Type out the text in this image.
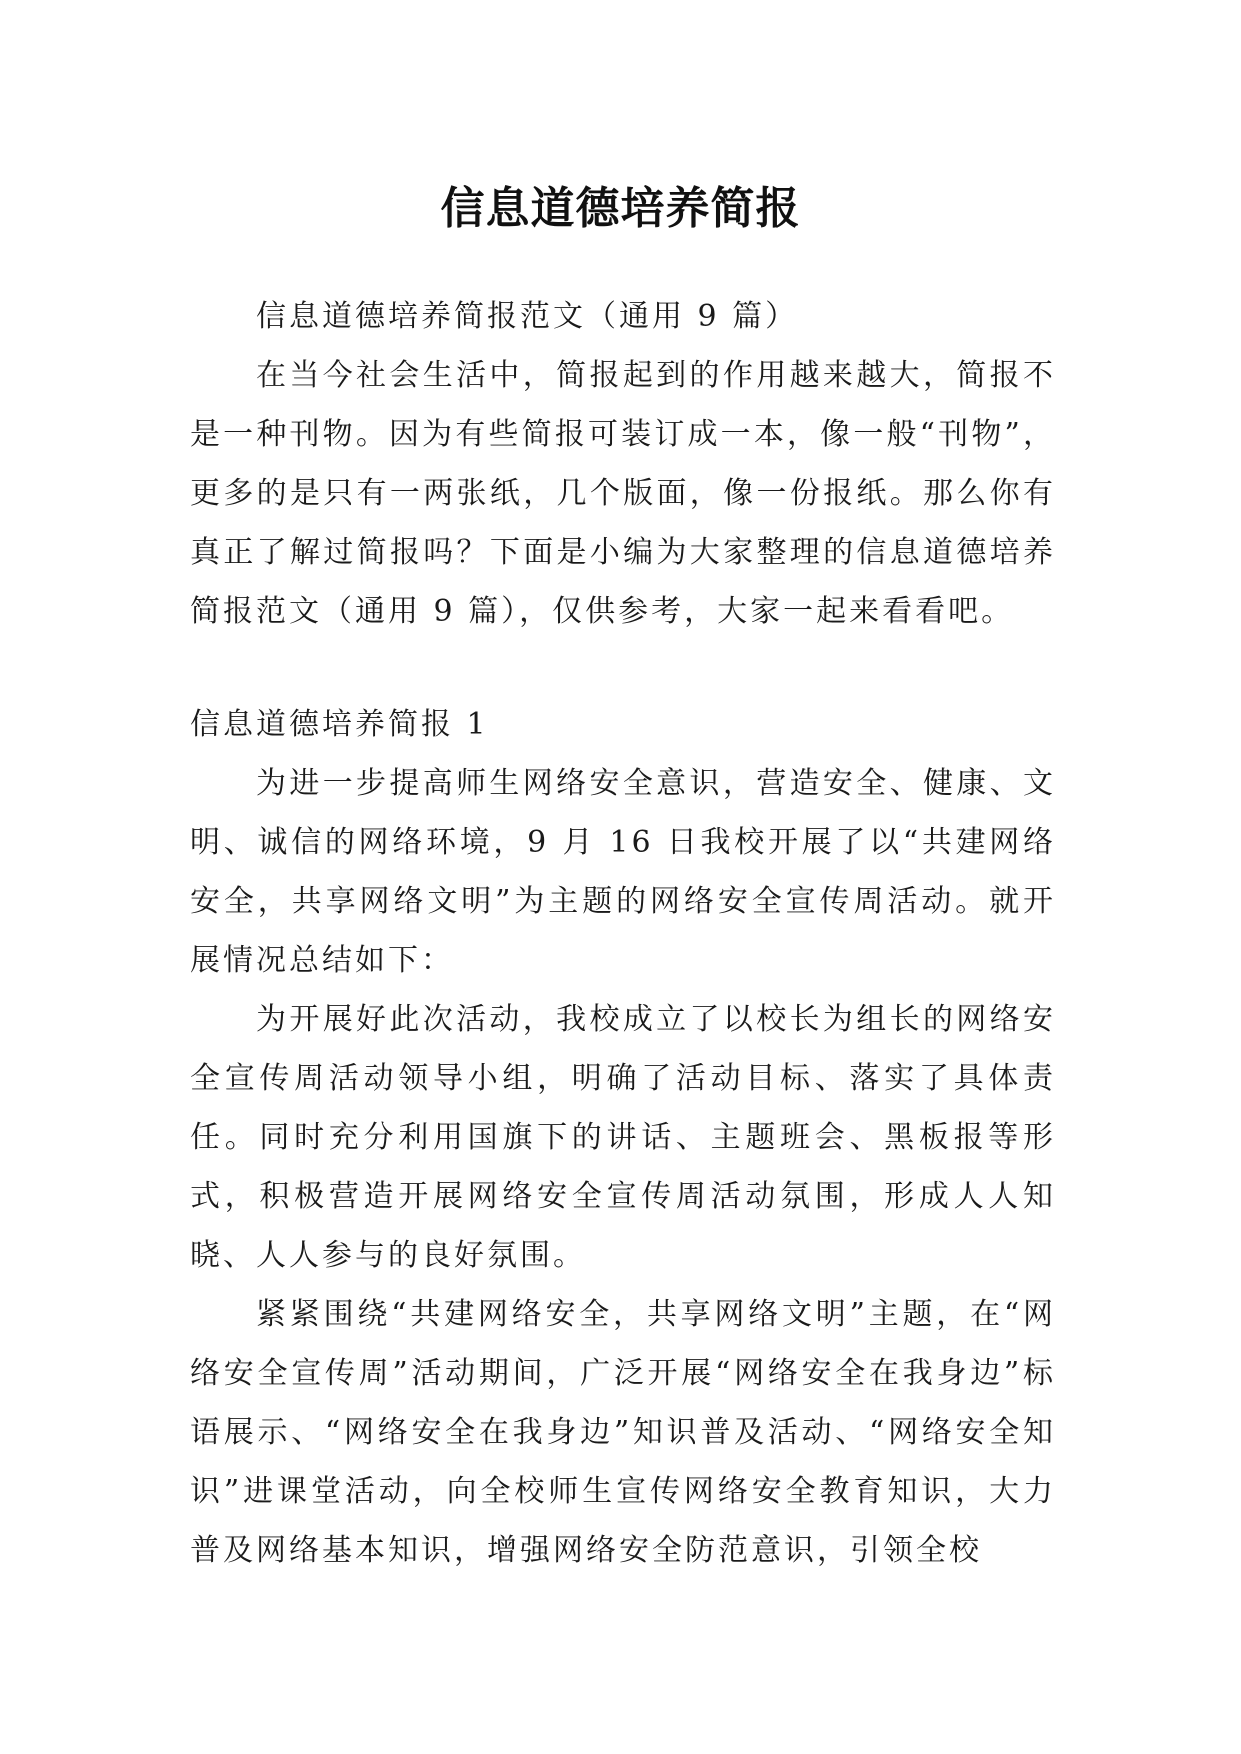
信息道德培养简报

信息道德培养简报范文（通用 9 篇）

在当今社会生活中，简报起到的作用越来越大，简报不是一种刊物。因为有些简报可装订成一本，像一般“刊物”，更多的是只有一两张纸，几个版面，像一份报纸。那么你有真正了解过简报吗？下面是小编为大家整理的信息道德培养简报范文（通用 9 篇），仅供参考，大家一起来看看吧。

信息道德培养简报 1

为进一步提高师生网络安全意识，营造安全、健康、文明、诚信的网络环境，9 月 16 日我校开展了以“共建网络安全，共享网络文明”为主题的网络安全宣传周活动。就开展情况总结如下：

为开展好此次活动，我校成立了以校长为组长的网络安全宣传周活动领导小组，明确了活动目标、落实了具体责任。同时充分利用国旗下的讲话、主题班会、黑板报等形式，积极营造开展网络安全宣传周活动氛围，形成人人知晓、人人参与的良好氛围。

紧紧围绕“共建网络安全，共享网络文明”主题，在“网络安全宣传周”活动期间，广泛开展“网络安全在我身边”标语展示、“网络安全在我身边”知识普及活动、“网络安全知识”进课堂活动，向全校师生宣传网络安全教育知识，大力普及网络基本知识，增强网络安全防范意识，引领全校
